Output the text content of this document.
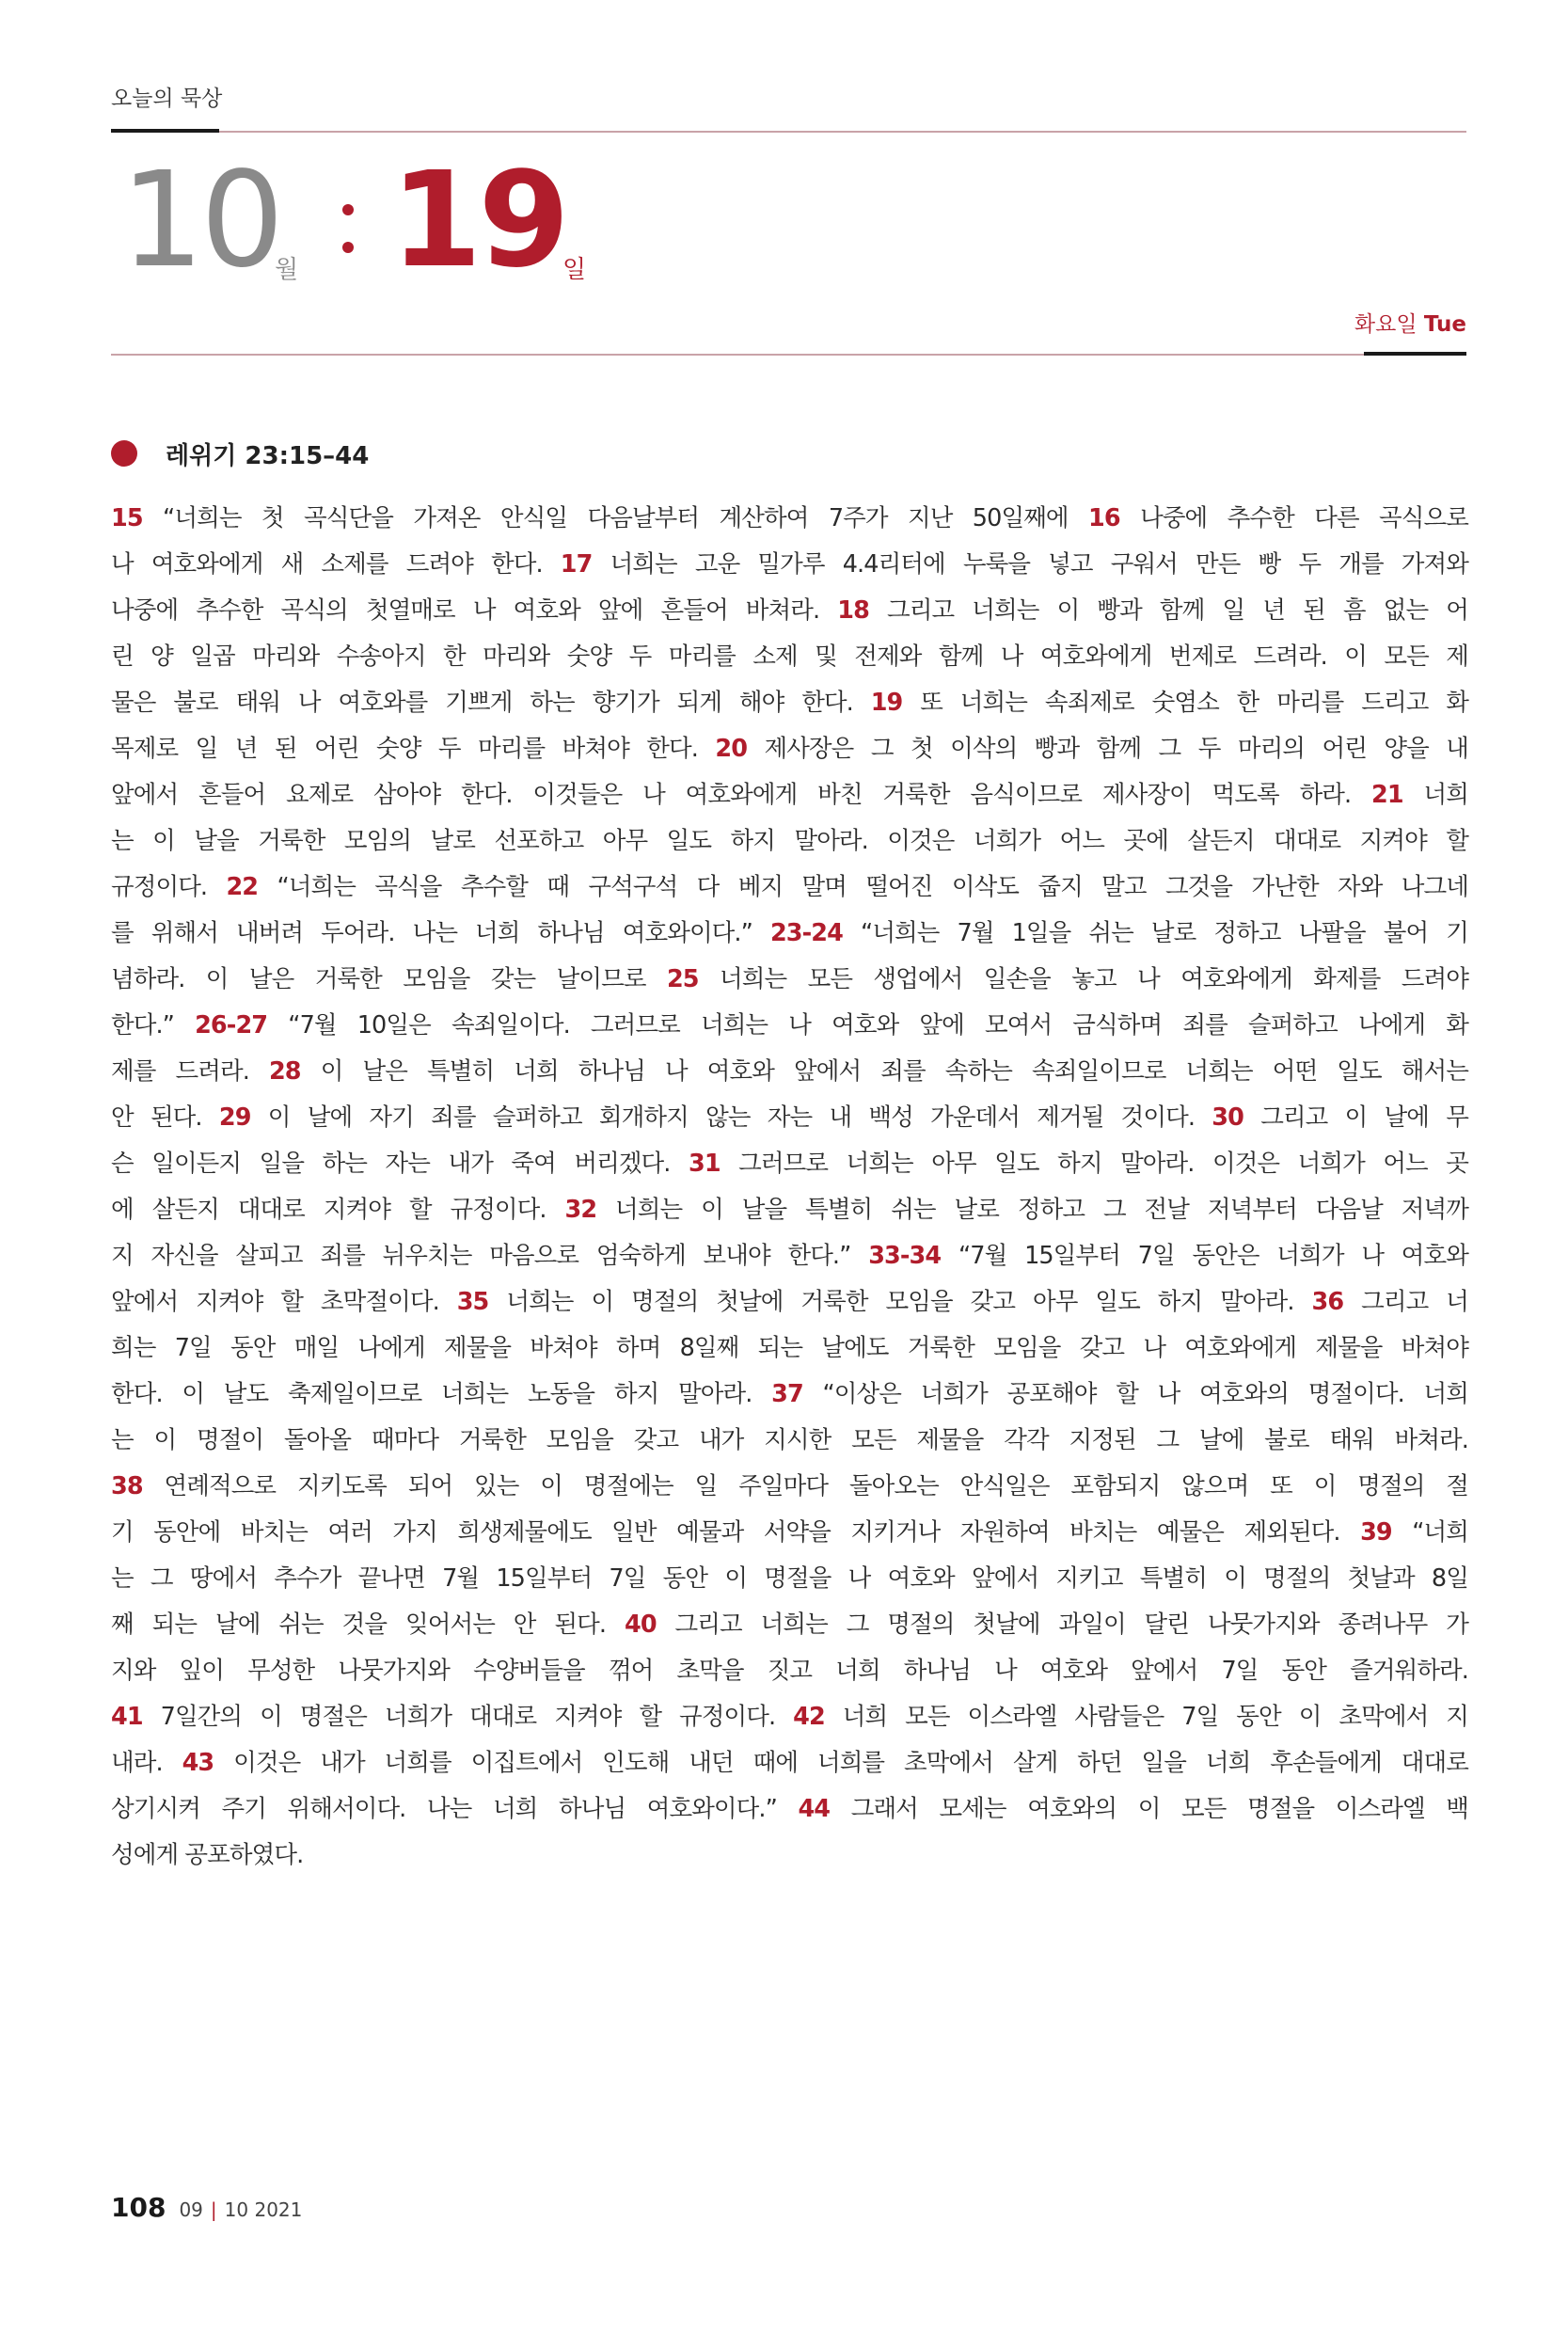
오늘의 묵상
10
월 19
일
화요일 Tue
레위기 23:15–44
15 “너희는 첫 곡식단을 가져온 안식일 다음날부터 계산하여 7주가 지난 50일째에 16 나중에 추수한 다른 곡식으로
나 여호와에게 새 소제를 드려야 한다. 17 너희는 고운 밀가루 4.4리터에 누룩을 넣고 구워서 만든 빵 두 개를 가져와
나중에 추수한 곡식의 첫열매로 나 여호와 앞에 흔들어 바쳐라. 18 그리고 너희는 이 빵과 함께 일 년 된 흠 없는 어
린 양 일곱 마리와 수송아지 한 마리와 숫양 두 마리를 소제 및 전제와 함께 나 여호와에게 번제로 드려라. 이 모든 제
물은 불로 태워 나 여호와를 기쁘게 하는 향기가 되게 해야 한다. 19 또 너희는 속죄제로 숫염소 한 마리를 드리고 화
목제로 일 년 된 어린 숫양 두 마리를 바쳐야 한다. 20 제사장은 그 첫 이삭의 빵과 함께 그 두 마리의 어린 양을 내
앞에서 흔들어 요제로 삼아야 한다. 이것들은 나 여호와에게 바친 거룩한 음식이므로 제사장이 먹도록 하라. 21 너희
는 이 날을 거룩한 모임의 날로 선포하고 아무 일도 하지 말아라. 이것은 너희가 어느 곳에 살든지 대대로 지켜야 할
규정이다. 22 “너희는 곡식을 추수할 때 구석구석 다 베지 말며 떨어진 이삭도 줍지 말고 그것을 가난한 자와 나그네
를 위해서 내버려 두어라. 나는 너희 하나님 여호와이다.” 23-24 “너희는 7월 1일을 쉬는 날로 정하고 나팔을 불어 기
념하라. 이 날은 거룩한 모임을 갖는 날이므로 25 너희는 모든 생업에서 일손을 놓고 나 여호와에게 화제를 드려야
한다.” 26-27 “7월 10일은 속죄일이다. 그러므로 너희는 나 여호와 앞에 모여서 금식하며 죄를 슬퍼하고 나에게 화
제를 드려라. 28 이 날은 특별히 너희 하나님 나 여호와 앞에서 죄를 속하는 속죄일이므로 너희는 어떤 일도 해서는
안 된다. 29 이 날에 자기 죄를 슬퍼하고 회개하지 않는 자는 내 백성 가운데서 제거될 것이다. 30 그리고 이 날에 무
슨 일이든지 일을 하는 자는 내가 죽여 버리겠다. 31 그러므로 너희는 아무 일도 하지 말아라. 이것은 너희가 어느 곳
에 살든지 대대로 지켜야 할 규정이다. 32 너희는 이 날을 특별히 쉬는 날로 정하고 그 전날 저녁부터 다음날 저녁까
지 자신을 살피고 죄를 뉘우치는 마음으로 엄숙하게 보내야 한다.” 33-34 “7월 15일부터 7일 동안은 너희가 나 여호와
앞에서 지켜야 할 초막절이다. 35 너희는 이 명절의 첫날에 거룩한 모임을 갖고 아무 일도 하지 말아라. 36 그리고 너
희는 7일 동안 매일 나에게 제물을 바쳐야 하며 8일째 되는 날에도 거룩한 모임을 갖고 나 여호와에게 제물을 바쳐야
한다. 이 날도 축제일이므로 너희는 노동을 하지 말아라. 37 “이상은 너희가 공포해야 할 나 여호와의 명절이다. 너희
는 이 명절이 돌아올 때마다 거룩한 모임을 갖고 내가 지시한 모든 제물을 각각 지정된 그 날에 불로 태워 바쳐라.
38 연례적으로 지키도록 되어 있는 이 명절에는 일 주일마다 돌아오는 안식일은 포함되지 않으며 또 이 명절의 절
기 동안에 바치는 여러 가지 희생제물에도 일반 예물과 서약을 지키거나 자원하여 바치는 예물은 제외된다. 39 “너희
는 그 땅에서 추수가 끝나면 7월 15일부터 7일 동안 이 명절을 나 여호와 앞에서 지키고 특별히 이 명절의 첫날과 8일
째 되는 날에 쉬는 것을 잊어서는 안 된다. 40 그리고 너희는 그 명절의 첫날에 과일이 달린 나뭇가지와 종려나무 가
지와 잎이 무성한 나뭇가지와 수양버들을 꺾어 초막을 짓고 너희 하나님 나 여호와 앞에서 7일 동안 즐거워하라.
41 7일간의 이 명절은 너희가 대대로 지켜야 할 규정이다. 42 너희 모든 이스라엘 사람들은 7일 동안 이 초막에서 지
내라. 43 이것은 내가 너희를 이집트에서 인도해 내던 때에 너희를 초막에서 살게 하던 일을 너희 후손들에게 대대로
상기시켜 주기 위해서이다. 나는 너희 하나님 여호와이다.” 44 그래서 모세는 여호와의 이 모든 명절을 이스라엘 백
성에게 공포하였다.
108 09 | 10 2021
